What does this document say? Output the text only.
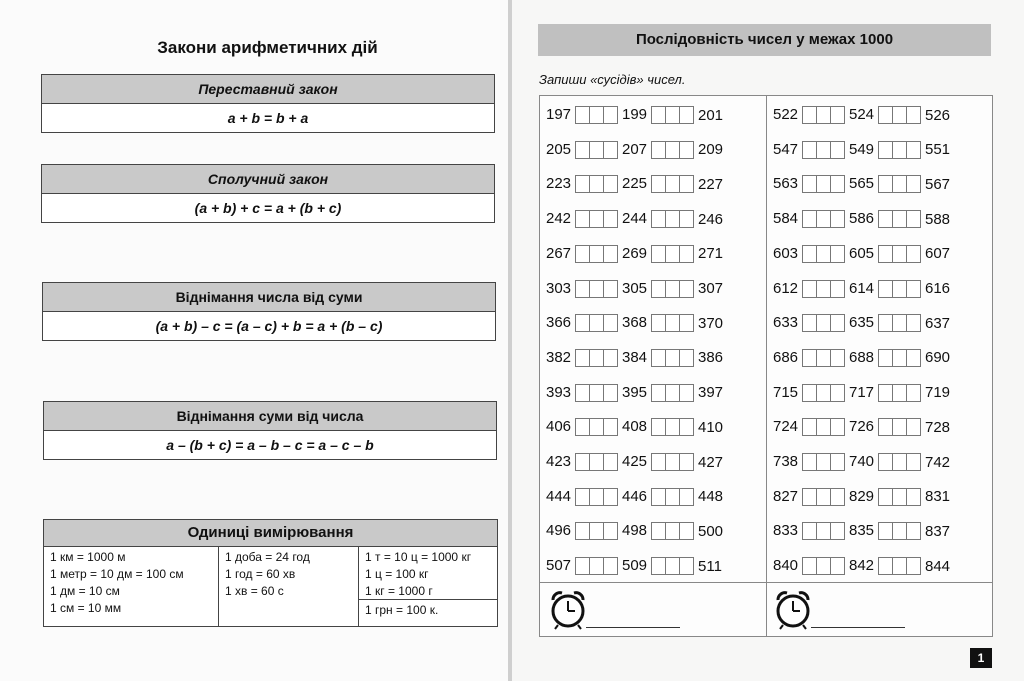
Закони арифметичних дій
Переставний закон
a + b = b + a
Сполучний закон
(a + b) + c = a + (b + c)
Віднімання числа від суми
(a + b) – c = (a – c) + b = a + (b – c)
Віднімання суми від числа
a – (b + c) = a – b – c = a – c – b
Одиниці вимірювання
1 км = 1000 м
1 метр = 10 дм = 100 см
1 дм = 10 см
1 см = 10 мм
1 доба = 24 год
1 год = 60 хв
1 хв = 60 с
1 т = 10 ц = 1000 кг
1 ц = 100 кг
1 кг = 1000 г
1 грн = 100 к.
Послідовність чисел у межах 1000
Запиши «сусідів» чисел.
197	199	201
205	207	209
223	225	227
242	244	246
267	269	271
303	305	307
366	368	370
382	384	386
393	395	397
406	408	410
423	425	427
444	446	448
496	498	500
507	509	511
522	524	526
547	549	551
563	565	567
584	586	588
603	605	607
612	614	616
633	635	637
686	688	690
715	717	719
724	726	728
738	740	742
827	829	831
833	835	837
840	842	844
1
